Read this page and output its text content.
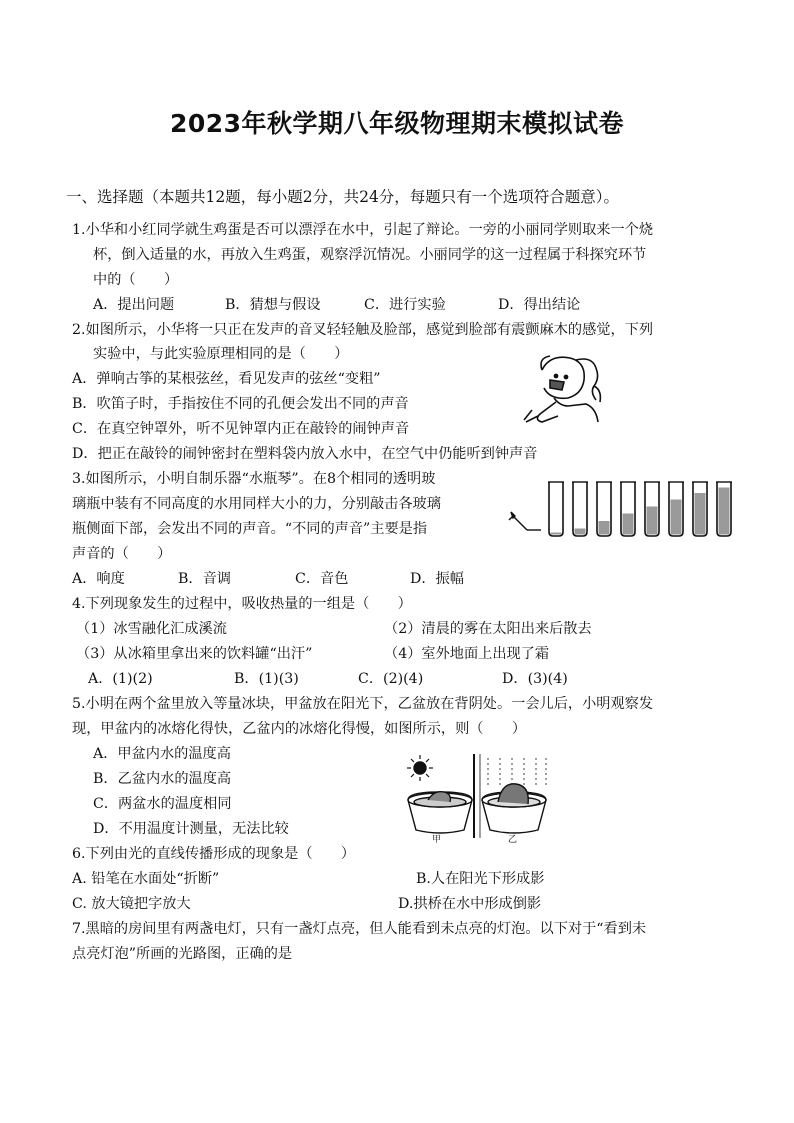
2023年秋学期八年级物理期末模拟试卷
一、选择题（本题共12题，每小题2分，共24分，每题只有一个选项符合题意）。
1.小华和小红同学就生鸡蛋是否可以漂浮在水中，引起了辩论。一旁的小丽同学则取来一个烧
杯，倒入适量的水，再放入生鸡蛋，观察浮沉情况。小丽同学的这一过程属于科探究环节
中的（　　）
A．提出问题	B．猜想与假设	C．进行实验	D．得出结论
2.如图所示，小华将一只正在发声的音叉轻轻触及脸部，感觉到脸部有震颤麻木的感觉，下列
实验中，与此实验原理相同的是（　　）
A．弹响古筝的某根弦丝，看见发声的弦丝“变粗”
B．吹笛子时，手指按住不同的孔便会发出不同的声音
C．在真空钟罩外，听不见钟罩内正在敲铃的闹钟声音
D．把正在敲铃的闹钟密封在塑料袋内放入水中，在空气中仍能听到钟声音
3.如图所示，小明自制乐器“水瓶琴”。在8个相同的透明玻
璃瓶中装有不同高度的水用同样大小的力，分别敲击各玻璃
瓶侧面下部，会发出不同的声音。“不同的声音”主要是指
声音的（　　）
A．响度	B．音调	C．音色	D．振幅
4.下列现象发生的过程中，吸收热量的一组是（　　）
（1）冰雪融化汇成溪流	（2）清晨的雾在太阳出来后散去
（3）从冰箱里拿出来的饮料罐“出汗”	（4）室外地面上出现了霜
A．(1)(2)	B．(1)(3)	C．(2)(4)	D．(3)(4)
5.小明在两个盆里放入等量冰块，甲盆放在阳光下，乙盆放在背阴处。一会儿后，小明观察发
现，甲盆内的冰熔化得快，乙盆内的冰熔化得慢，如图所示，则（　　）
A．甲盆内水的温度高
B．乙盆内水的温度高
C．两盆水的温度相同
D．不用温度计测量，无法比较
甲	乙
6.下列由光的直线传播形成的现象是（　　）
A. 铅笔在水面处“折断”	B.人在阳光下形成影
C. 放大镜把字放大	D.拱桥在水中形成倒影
7.黑暗的房间里有两盏电灯，只有一盏灯点亮，但人能看到未点亮的灯泡。以下对于“看到未
点亮灯泡”所画的光路图，正确的是
